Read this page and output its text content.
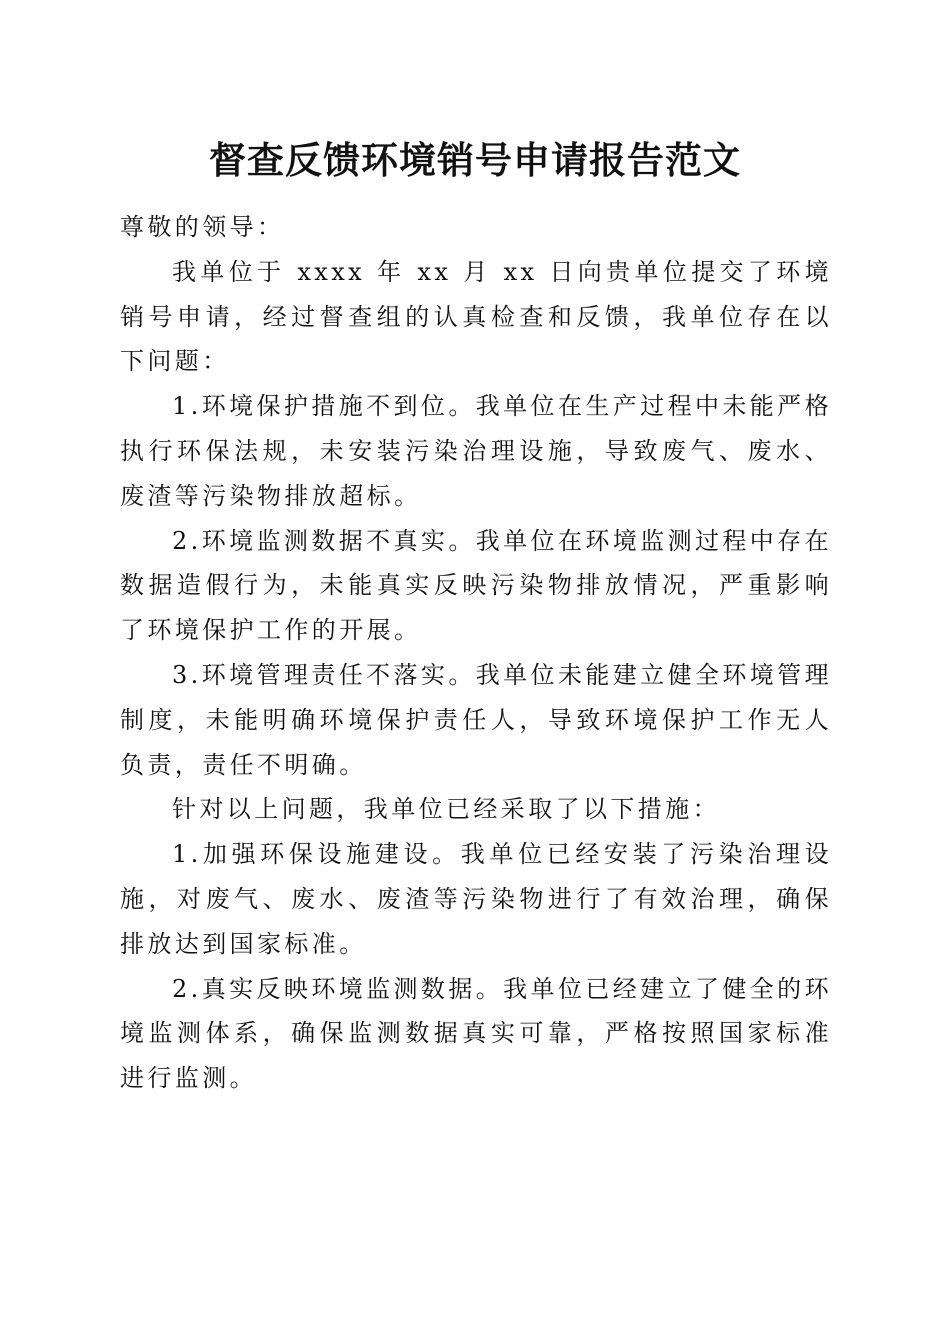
督查反馈环境销号申请报告范文

尊敬的领导：

我单位于 xxxx 年 xx 月 xx 日向贵单位提交了环境销号申请，经过督查组的认真检查和反馈，我单位存在以下问题：

1.环境保护措施不到位。我单位在生产过程中未能严格执行环保法规，未安装污染治理设施，导致废气、废水、废渣等污染物排放超标。

2.环境监测数据不真实。我单位在环境监测过程中存在数据造假行为，未能真实反映污染物排放情况，严重影响了环境保护工作的开展。

3.环境管理责任不落实。我单位未能建立健全环境管理制度，未能明确环境保护责任人，导致环境保护工作无人负责，责任不明确。

针对以上问题，我单位已经采取了以下措施：

1.加强环保设施建设。我单位已经安装了污染治理设施，对废气、废水、废渣等污染物进行了有效治理，确保排放达到国家标准。

2.真实反映环境监测数据。我单位已经建立了健全的环境监测体系，确保监测数据真实可靠，严格按照国家标准进行监测。
